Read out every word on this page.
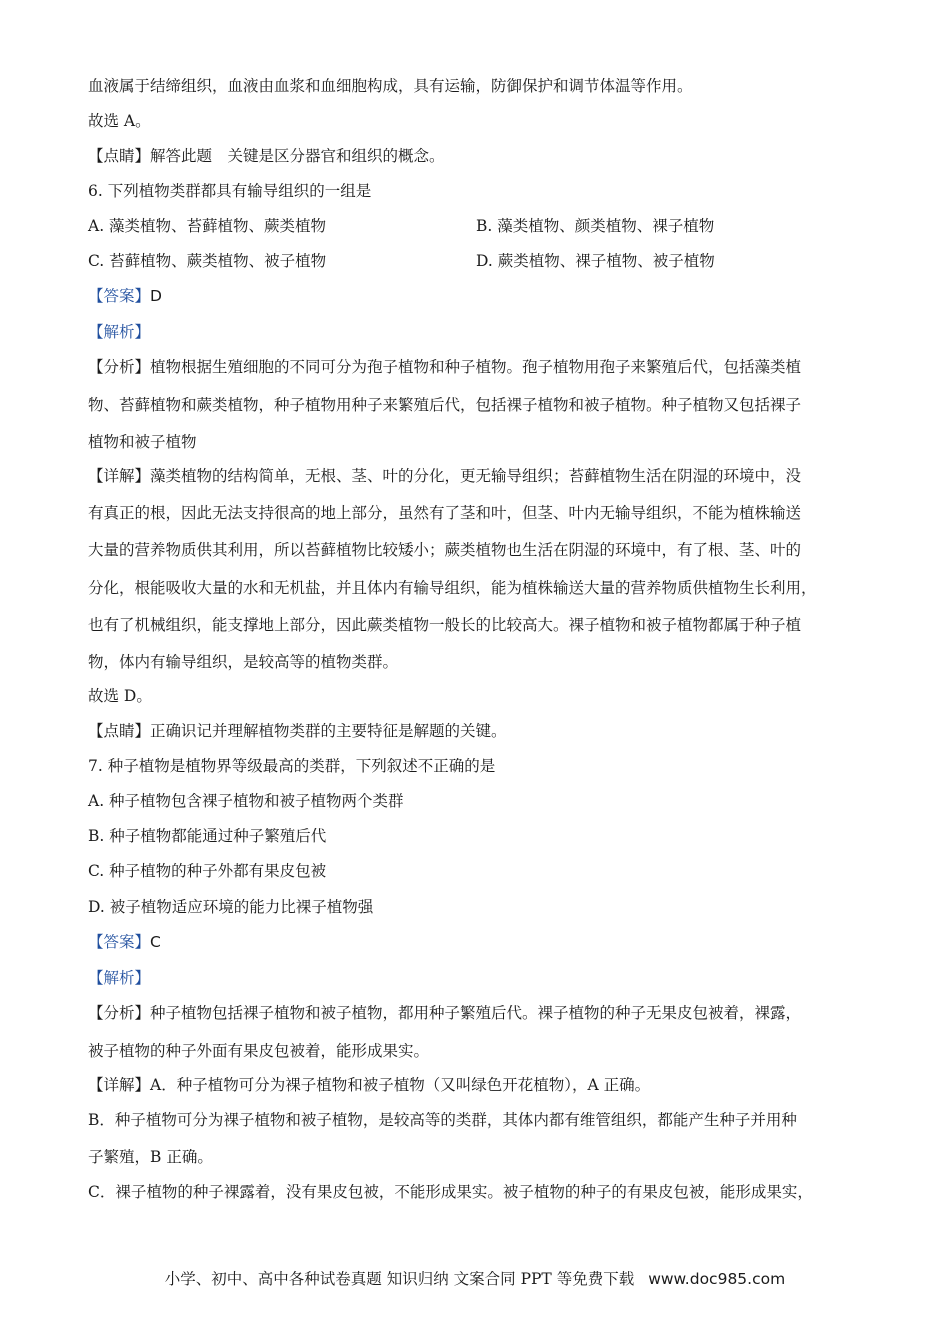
血液属于结缔组织，血液由血浆和血细胞构成，具有运输，防御保护和调节体温等作用。
故选 A。
【点睛】解答此题　关键是区分器官和组织的概念。
6. 下列植物类群都具有输导组织的一组是
A. 藻类植物、苔藓植物、蕨类植物	B. 藻类植物、颜类植物、裸子植物
C. 苔藓植物、蕨类植物、被子植物	D. 蕨类植物、裸子植物、被子植物
【答案】D
【解析】
【分析】植物根据生殖细胞的不同可分为孢子植物和种子植物。孢子植物用孢子来繁殖后代，包括藻类植
物、苔藓植物和蕨类植物，种子植物用种子来繁殖后代，包括裸子植物和被子植物。种子植物又包括裸子
植物和被子植物
【详解】藻类植物的结构简单，无根、茎、叶的分化，更无输导组织；苔藓植物生活在阴湿的环境中，没
有真正的根，因此无法支持很高的地上部分，虽然有了茎和叶，但茎、叶内无输导组织，不能为植株输送
大量的营养物质供其利用，所以苔藓植物比较矮小；蕨类植物也生活在阴湿的环境中，有了根、茎、叶的
分化，根能吸收大量的水和无机盐，并且体内有输导组织，能为植株输送大量的营养物质供植物生长利用，
也有了机械组织，能支撑地上部分，因此蕨类植物一般长的比较高大。裸子植物和被子植物都属于种子植
物，体内有输导组织，是较高等的植物类群。
故选 D。
【点睛】正确识记并理解植物类群的主要特征是解题的关键。
7. 种子植物是植物界等级最高的类群，下列叙述不正确的是
A. 种子植物包含裸子植物和被子植物两个类群
B. 种子植物都能通过种子繁殖后代
C. 种子植物的种子外都有果皮包被
D. 被子植物适应环境的能力比裸子植物强
【答案】C
【解析】
【分析】种子植物包括裸子植物和被子植物，都用种子繁殖后代。裸子植物的种子无果皮包被着，裸露，
被子植物的种子外面有果皮包被着，能形成果实。
【详解】A．种子植物可分为裸子植物和被子植物（又叫绿色开花植物），A 正确。
B．种子植物可分为裸子植物和被子植物，是较高等的类群，其体内都有维管组织，都能产生种子并用种
子繁殖，B 正确。
C．裸子植物的种子裸露着，没有果皮包被，不能形成果实。被子植物的种子的有果皮包被，能形成果实，
小学、初中、高中各种试卷真题 知识归纳 文案合同 PPT 等免费下载 www.doc985.com
